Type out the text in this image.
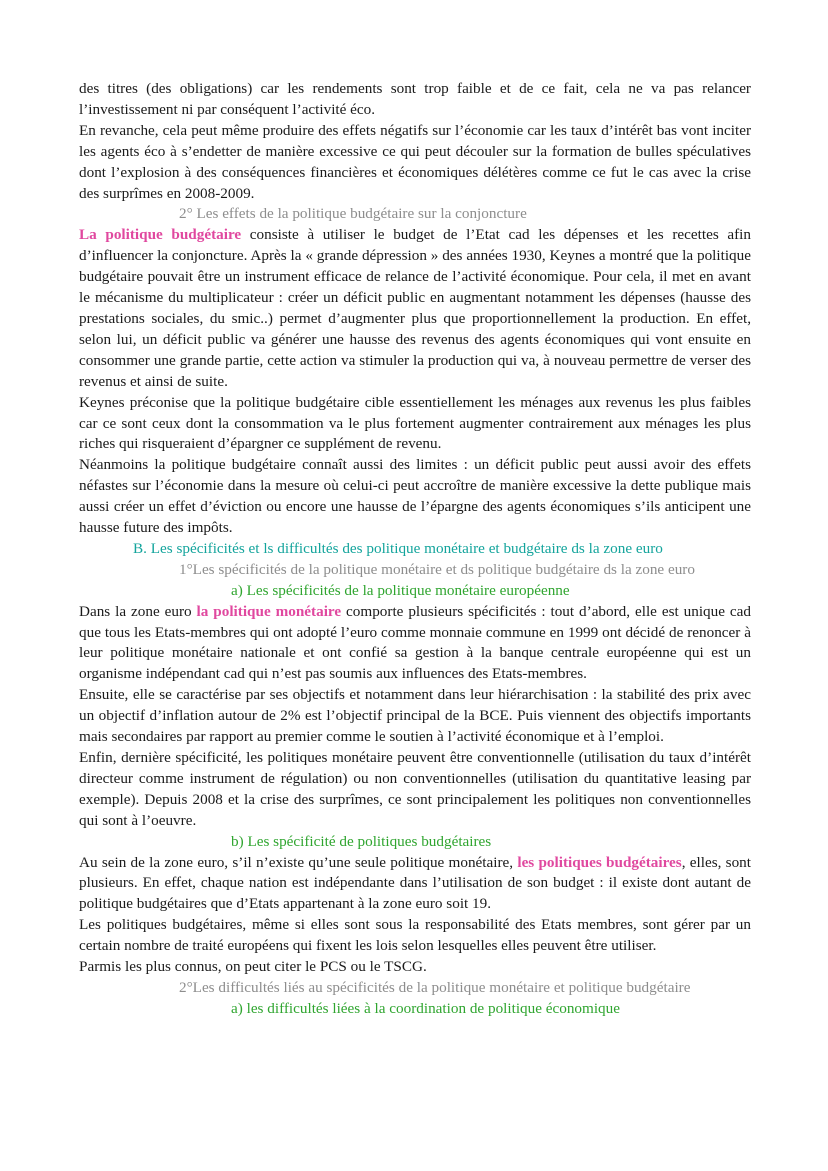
des titres (des obligations) car les rendements sont trop faible et de ce fait, cela ne va pas relancer l’investissement ni par conséquent l’activité éco.

En revanche, cela peut même produire des effets négatifs sur l’économie car les taux d’intérêt bas vont inciter les agents éco à s’endetter de manière excessive ce qui peut découler sur la formation de bulles spéculatives dont l’explosion à des conséquences financières et économiques délétères comme ce fut le cas avec la crise des surprîmes en 2008-2009.

2° Les effets de la politique budgétaire sur la conjoncture

La politique budgétaire consiste à utiliser le budget de l’Etat cad les dépenses et les recettes afin d’influencer la conjoncture. Après la « grande dépression » des années 1930, Keynes a montré que la politique budgétaire pouvait être un instrument efficace de relance de l’activité économique. Pour cela, il met en avant le mécanisme du multiplicateur : créer un déficit public en augmentant notamment les dépenses (hausse des prestations sociales, du smic..) permet d’augmenter plus que proportionnellement la production. En effet, selon lui, un déficit public va générer une hausse des revenus des agents économiques qui vont ensuite en consommer une grande partie, cette action va stimuler la production qui va, à nouveau permettre de verser des revenus et ainsi de suite.

Keynes préconise que la politique budgétaire cible essentiellement les ménages aux revenus les plus faibles car ce sont ceux dont la consommation va le plus fortement augmenter contrairement aux ménages les plus riches qui risqueraient d’épargner ce supplément de revenu.

Néanmoins la politique budgétaire connaît aussi des limites : un déficit public peut aussi avoir des effets néfastes sur l’économie dans la mesure où celui-ci peut accroître de manière excessive la dette publique mais aussi créer un effet d’éviction ou encore une hausse de l’épargne des agents économiques s’ils anticipent une hausse future des impôts.

B. Les spécificités et ls difficultés des politique monétaire et budgétaire ds la zone euro

1°Les spécificités de la politique monétaire et ds politique budgétaire ds la zone euro

a) Les spécificités de la politique monétaire européenne

Dans la zone euro la politique monétaire comporte plusieurs spécificités : tout d’abord, elle est unique cad que tous les Etats-membres qui ont adopté l’euro comme monnaie commune en 1999 ont décidé de renoncer à leur politique monétaire nationale et ont confié sa gestion à la banque centrale européenne qui est un organisme indépendant cad qui n’est pas soumis aux influences des Etats-membres.

Ensuite, elle se caractérise par ses objectifs et notamment dans leur hiérarchisation : la stabilité des prix avec un objectif d’inflation autour de 2% est l’objectif principal de la BCE. Puis viennent des objectifs importants mais secondaires par rapport au premier comme le soutien à l’activité économique et à l’emploi.

Enfin, dernière spécificité, les politiques monétaire peuvent être conventionnelle (utilisation du taux d’intérêt directeur comme instrument de régulation) ou non conventionnelles (utilisation du quantitative leasing par exemple). Depuis 2008 et la crise des surprîmes, ce sont principalement les politiques non conventionnelles qui sont à l’oeuvre.

b) Les spécificité de politiques budgétaires

Au sein de la zone euro, s’il n’existe qu’une seule politique monétaire, les politiques budgétaires, elles, sont plusieurs. En effet, chaque nation est indépendante dans l’utilisation de son budget : il existe dont autant de politique budgétaires que d’Etats appartenant à la zone euro soit 19.

Les politiques budgétaires, même si elles sont sous la responsabilité des Etats membres, sont gérer par un certain nombre de traité européens qui fixent les lois selon lesquelles elles peuvent être utiliser.

Parmis les plus connus, on peut citer le PCS ou le TSCG.

2°Les difficultés liés au spécificités de la politique monétaire et politique budgétaire

a) les difficultés liées à la coordination de politique économique
